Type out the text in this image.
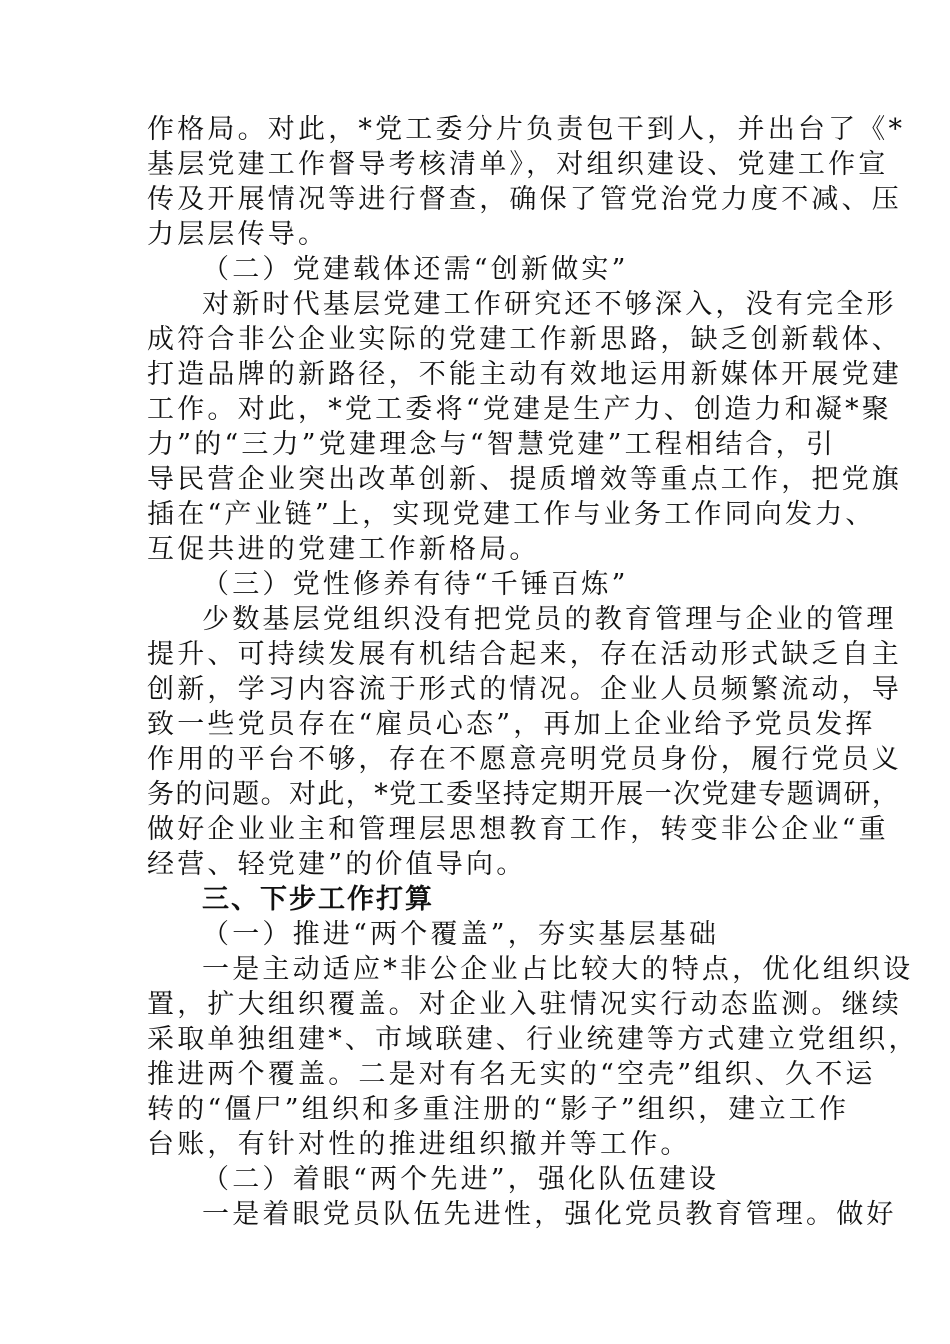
作格局。对此，*党工委分片负责包干到人，并出台了《*
基层党建工作督导考核清单》，对组织建设、党建工作宣
传及开展情况等进行督查，确保了管党治党力度不减、压
力层层传导。
（二）党建载体还需“创新做实”
对新时代基层党建工作研究还不够深入，没有完全形
成符合非公企业实际的党建工作新思路，缺乏创新载体、
打造品牌的新路径，不能主动有效地运用新媒体开展党建
工作。对此，*党工委将“党建是生产力、创造力和凝*聚
力”的“三力”党建理念与“智慧党建”工程相结合，引
导民营企业突出改革创新、提质增效等重点工作，把党旗
插在“产业链”上，实现党建工作与业务工作同向发力、
互促共进的党建工作新格局。
（三）党性修养有待“千锤百炼”
少数基层党组织没有把党员的教育管理与企业的管理
提升、可持续发展有机结合起来，存在活动形式缺乏自主
创新，学习内容流于形式的情况。企业人员频繁流动，导
致一些党员存在“雇员心态”，再加上企业给予党员发挥
作用的平台不够，存在不愿意亮明党员身份，履行党员义
务的问题。对此，*党工委坚持定期开展一次党建专题调研，
做好企业业主和管理层思想教育工作，转变非公企业“重
经营、轻党建”的价值导向。
三、下步工作打算
（一）推进“两个覆盖”，夯实基层基础
一是主动适应*非公企业占比较大的特点，优化组织设
置，扩大组织覆盖。对企业入驻情况实行动态监测。继续
采取单独组建*、市域联建、行业统建等方式建立党组织，
推进两个覆盖。二是对有名无实的“空壳”组织、久不运
转的“僵尸”组织和多重注册的“影子”组织，建立工作
台账，有针对性的推进组织撤并等工作。
（二）着眼“两个先进”，强化队伍建设
一是着眼党员队伍先进性，强化党员教育管理。做好
